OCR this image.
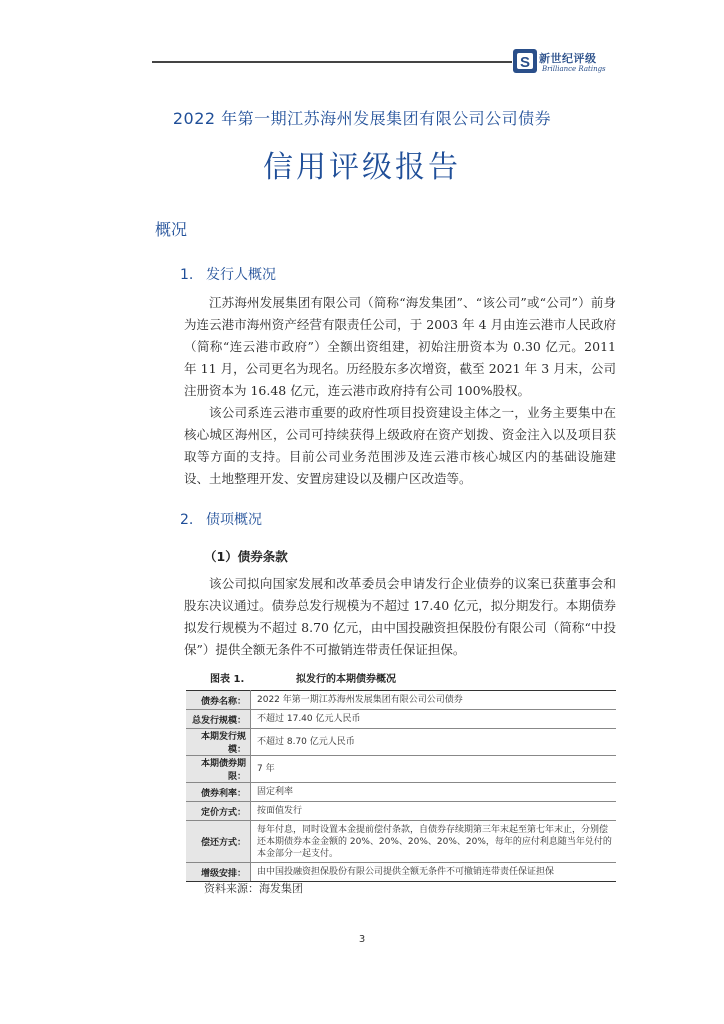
S 新世纪评级
Brilliance Ratings
2022 年第一期江苏海州发展集团有限公司公司债券
信用评级报告
概况
1. 发行人概况

江苏海州发展集团有限公司（简称“海发集团”、“该公司”或“公司”）前身为连云港市海州资产经营有限责任公司，于 2003 年 4 月由连云港市人民政府（简称“连云港市政府”）全额出资组建，初始注册资本为 0.30 亿元。2011 年 11 月，公司更名为现名。历经股东多次增资，截至 2021 年 3 月末，公司注册资本为 16.48 亿元，连云港市政府持有公司 100%股权。

该公司系连云港市重要的政府性项目投资建设主体之一，业务主要集中在核心城区海州区，公司可持续获得上级政府在资产划拨、资金注入以及项目获取等方面的支持。目前公司业务范围涉及连云港市核心城区内的基础设施建设、土地整理开发、安置房建设以及棚户区改造等。

2. 债项概况
（1）债券条款

该公司拟向国家发展和改革委员会申请发行企业债券的议案已获董事会和股东决议通过。债券总发行规模为不超过 17.40 亿元，拟分期发行。本期债券拟发行规模为不超过 8.70 亿元，由中国投融资担保股份有限公司（简称“中投保”）提供全额无条件不可撤销连带责任保证担保。

图表 1.	拟发行的本期债券概况
债券名称：	2022 年第一期江苏海州发展集团有限公司公司债券
总发行规模：	不超过 17.40 亿元人民币
本期发行规模：	不超过 8.70 亿元人民币
本期债券期限：	7 年
债券利率：	固定利率
定价方式：	按面值发行
偿还方式：	每年付息，同时设置本金提前偿付条款，自债券存续期第三年末起至第七年末止，分别偿还本期债券本金金额的 20%、20%、20%、20%、20%，每年的应付利息随当年兑付的本金部分一起支付。
增级安排：	由中国投融资担保股份有限公司提供全额无条件不可撤销连带责任保证担保
资料来源：海发集团
3
